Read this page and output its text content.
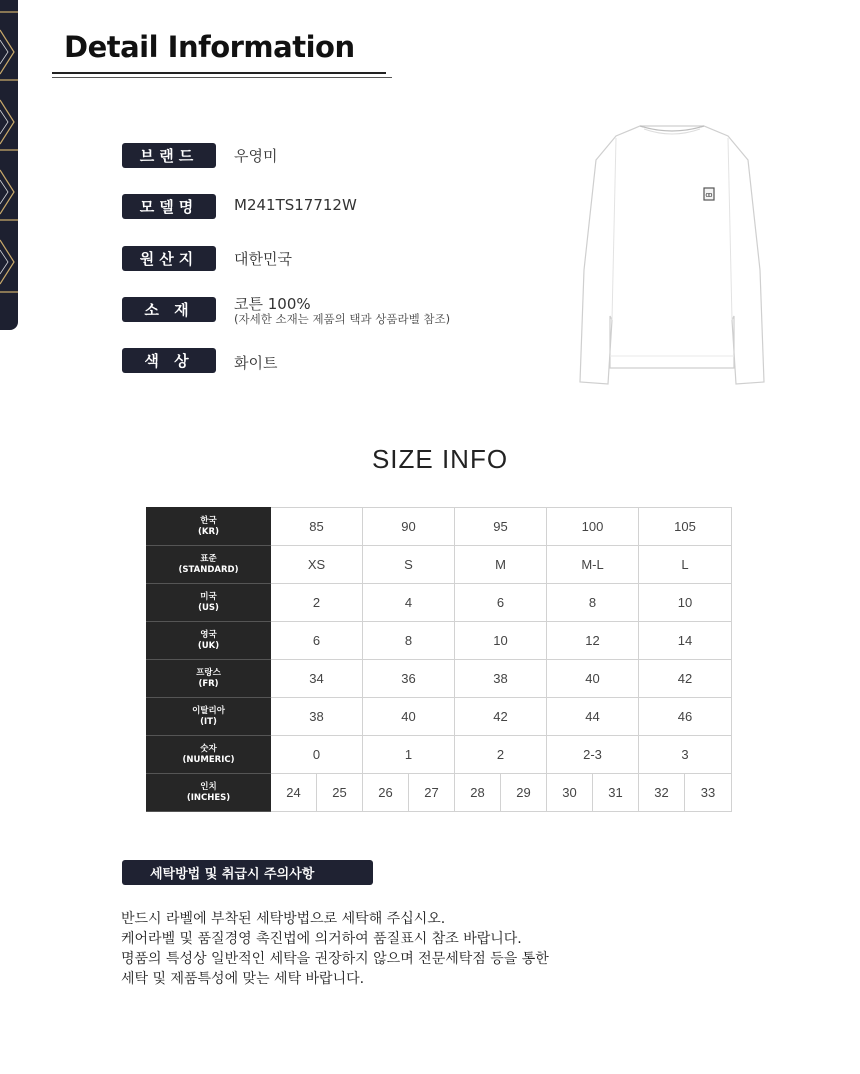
Detail Information
브랜드	우영미
모델명	M241TS17712W
원산지	대한민국
소 재	코튼 100%
(자세한 소재는 제품의 택과 상품라벨 참조)
색 상	화이트
ꝏ
SIZE INFO
한국
(KR)	85		90		95		100		105	
표준
(STANDARD)	XS		S		M		M-L		L	
미국
(US)	2		4		6		8		10	
영국
(UK)	6		8		10		12		14	
프랑스
(FR)	34		36		38		40		42	
이탈리아
(IT)	38		40		42		44		46	
숫자
(NUMERIC)	0		1		2		2-3		3	
인치
(INCHES)	24	25	26	27	28	29	30	31	32	33
세탁방법 및 취급시 주의사항
반드시 라벨에 부착된 세탁방법으로 세탁해 주십시오.
케어라벨 및 품질경영 촉진법에 의거하여 품질표시 참조 바랍니다.
명품의 특성상 일반적인 세탁을 권장하지 않으며 전문세탁점 등을 통한
세탁 및 제품특성에 맞는 세탁 바랍니다.
